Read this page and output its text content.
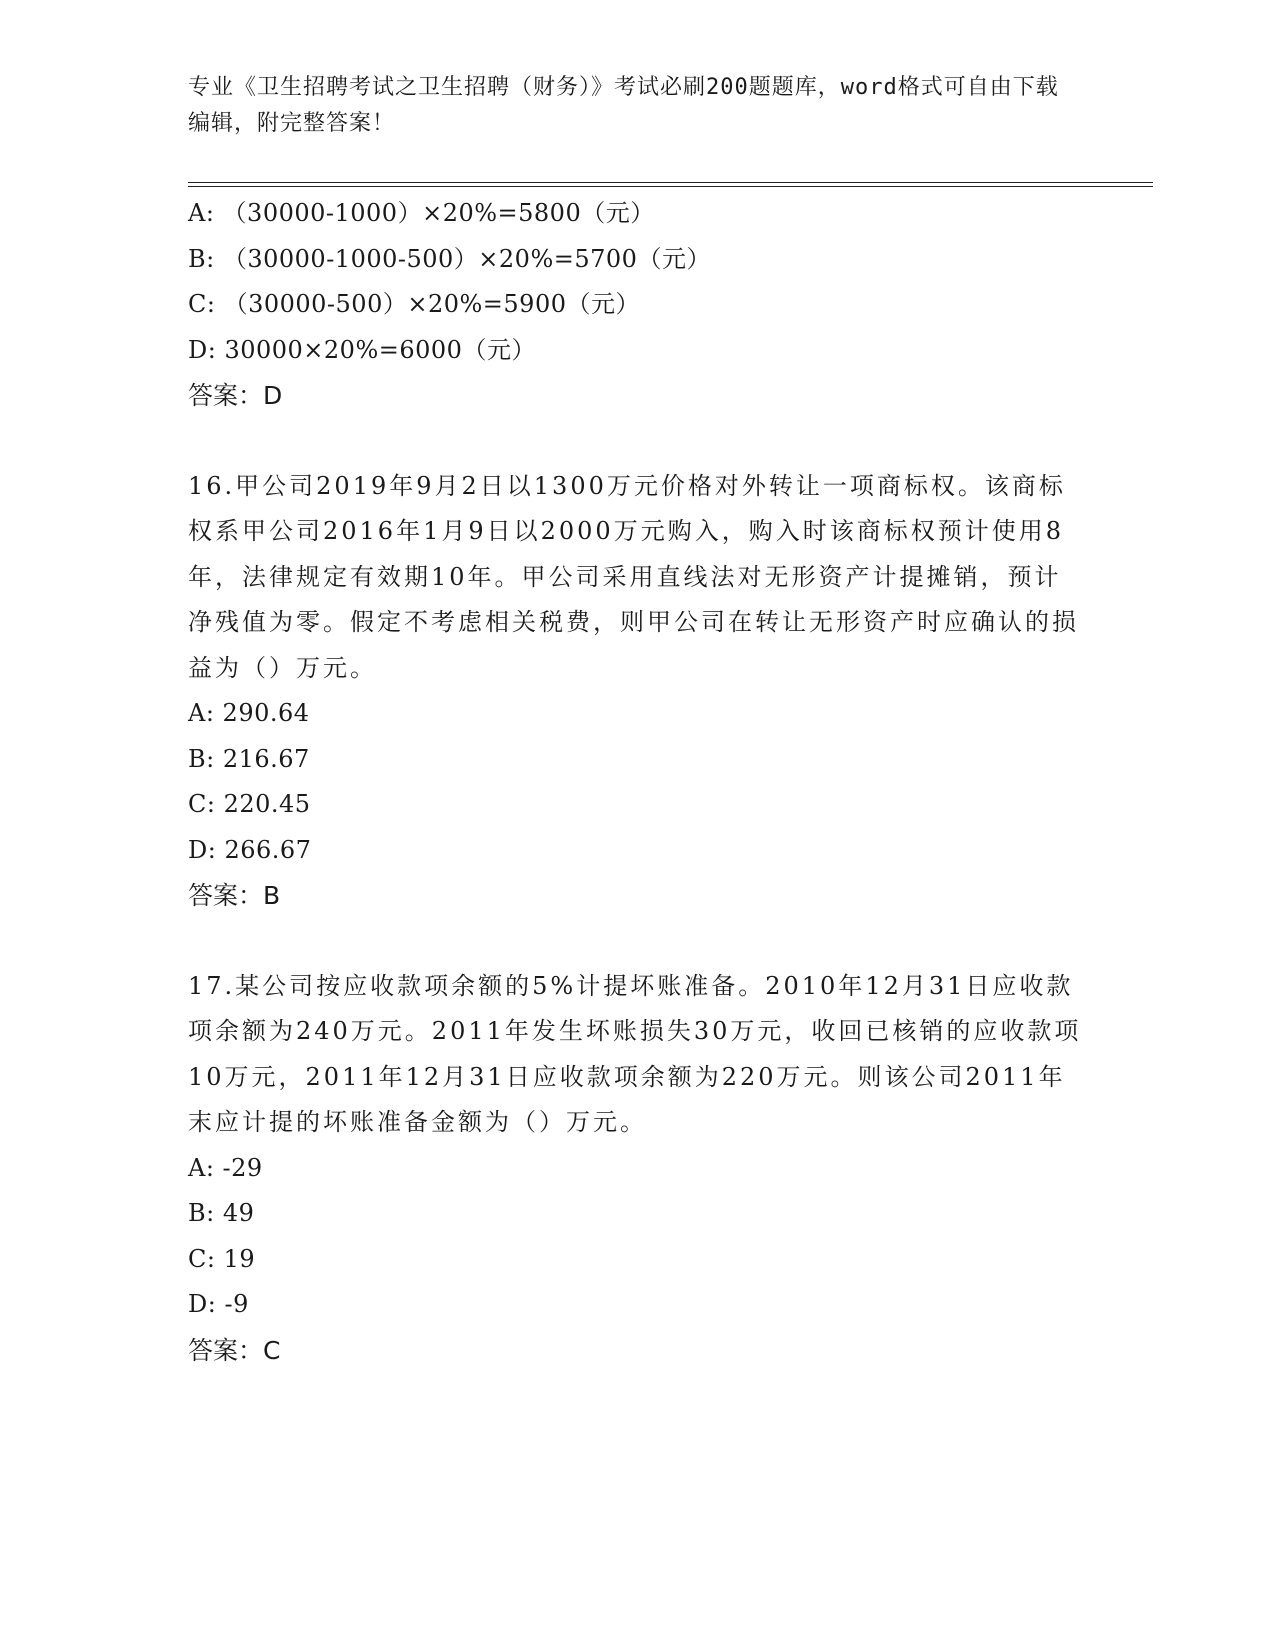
专业《卫生招聘考试之卫生招聘（财务）》考试必刷200题题库，word格式可自由下载编辑，附完整答案！

A: （30000-1000）×20%=5800（元）

B: （30000-1000-500）×20%=5700（元）

C: （30000-500）×20%=5900（元）

D: 30000×20%=6000（元）

答案：D

16.甲公司2019年9月2日以1300万元价格对外转让一项商标权。该商标权系甲公司2016年1月9日以2000万元购入，购入时该商标权预计使用8年，法律规定有效期10年。甲公司采用直线法对无形资产计提摊销，预计净残值为零。假定不考虑相关税费，则甲公司在转让无形资产时应确认的损益为（）万元。

A: 290.64

B: 216.67

C: 220.45

D: 266.67

答案：B

17.某公司按应收款项余额的5%计提坏账准备。2010年12月31日应收款项余额为240万元。2011年发生坏账损失30万元，收回已核销的应收款项10万元，2011年12月31日应收款项余额为220万元。则该公司2011年末应计提的坏账准备金额为（）万元。

A: -29

B: 49

C: 19

D: -9

答案：C
